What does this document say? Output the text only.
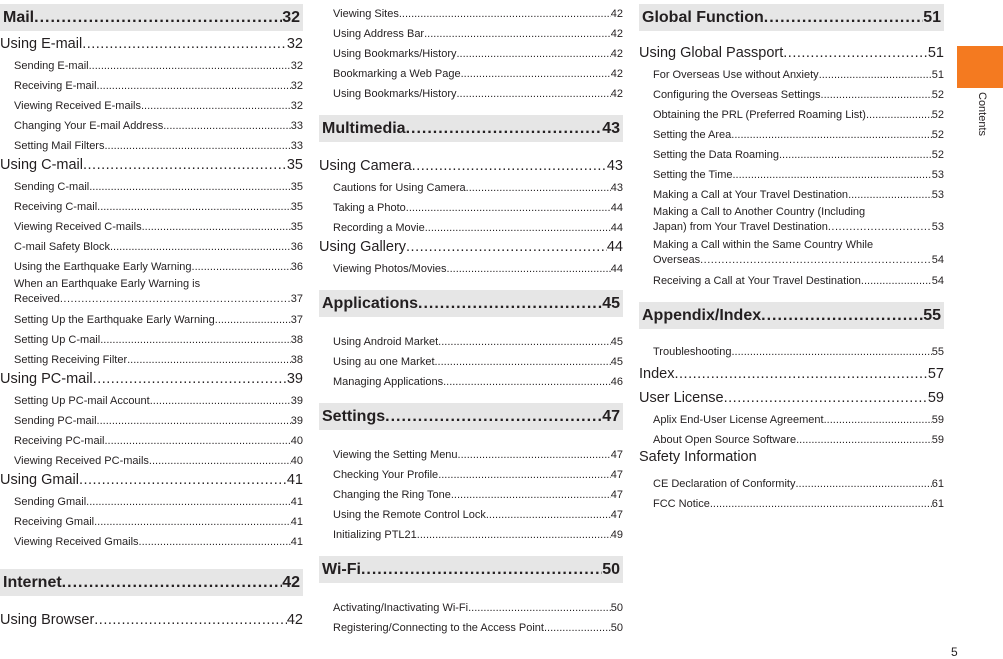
Mail .....	32
Using E-mail .....	32
Sending E-mail .....	32
Receiving E-mail .....	32
Viewing Received E-mails .....	32
Changing Your E-mail Address .....	33
Setting Mail Filters .....	33
Using C-mail .....	35
Sending C-mail .....	35
Receiving C-mail .....	35
Viewing Received C-mails .....	35
C-mail Safety Block .....	36
Using the Earthquake Early Warning .....	36
When an Earthquake Early Warning is
Received .....	37
Setting Up the Earthquake Early Warning .....	37
Setting Up C-mail .....	38
Setting Receiving Filter .....	38
Using PC-mail .....	39
Setting Up PC-mail Account .....	39
Sending PC-mail .....	39
Receiving PC-mail .....	40
Viewing Received PC-mails .....	40
Using Gmail .....	41
Sending Gmail .....	41
Receiving Gmail .....	41
Viewing Received Gmails .....	41
Internet .....	42
Using Browser .....	42
Viewing Sites .....	42
Using Address Bar .....	42
Using Bookmarks/History .....	42
Bookmarking a Web Page .....	42
Using Bookmarks/History .....	42
Multimedia .....	43
Using Camera .....	43
Cautions for Using Camera .....	43
Taking a Photo .....	44
Recording a Movie .....	44
Using Gallery .....	44
Viewing Photos/Movies .....	44
Applications .....	45
Using Android Market .....	45
Using au one Market .....	45
Managing Applications .....	46
Settings .....	47
Viewing the Setting Menu .....	47
Checking Your Profile .....	47
Changing the Ring Tone .....	47
Using the Remote Control Lock .....	47
Initializing PTL21 .....	49
Wi-Fi .....	50
Activating/Inactivating Wi-Fi .....	50
Registering/Connecting to the Access Point .....	50
Global Function .....	51
Using Global Passport .....	51
For Overseas Use without Anxiety .....	51
Configuring the Overseas Settings .....	52
Obtaining the PRL (Preferred Roaming List) .....	52
Setting the Area .....	52
Setting the Data Roaming .....	52
Setting the Time .....	53
Making a Call at Your Travel Destination .....	53
Making a Call to Another Country (Including
Japan) from Your Travel Destination .....	53
Making a Call within the Same Country While
Overseas .....	54
Receiving a Call at Your Travel Destination .....	54
Appendix/Index .....	55
Troubleshooting .....	55
Index .....	57
User License .....	59
Aplix End-User License Agreement .....	59
About Open Source Software .....	59
Safety Information
CE Declaration of Conformity .....	61
FCC Notice .....	61
Contents
5
